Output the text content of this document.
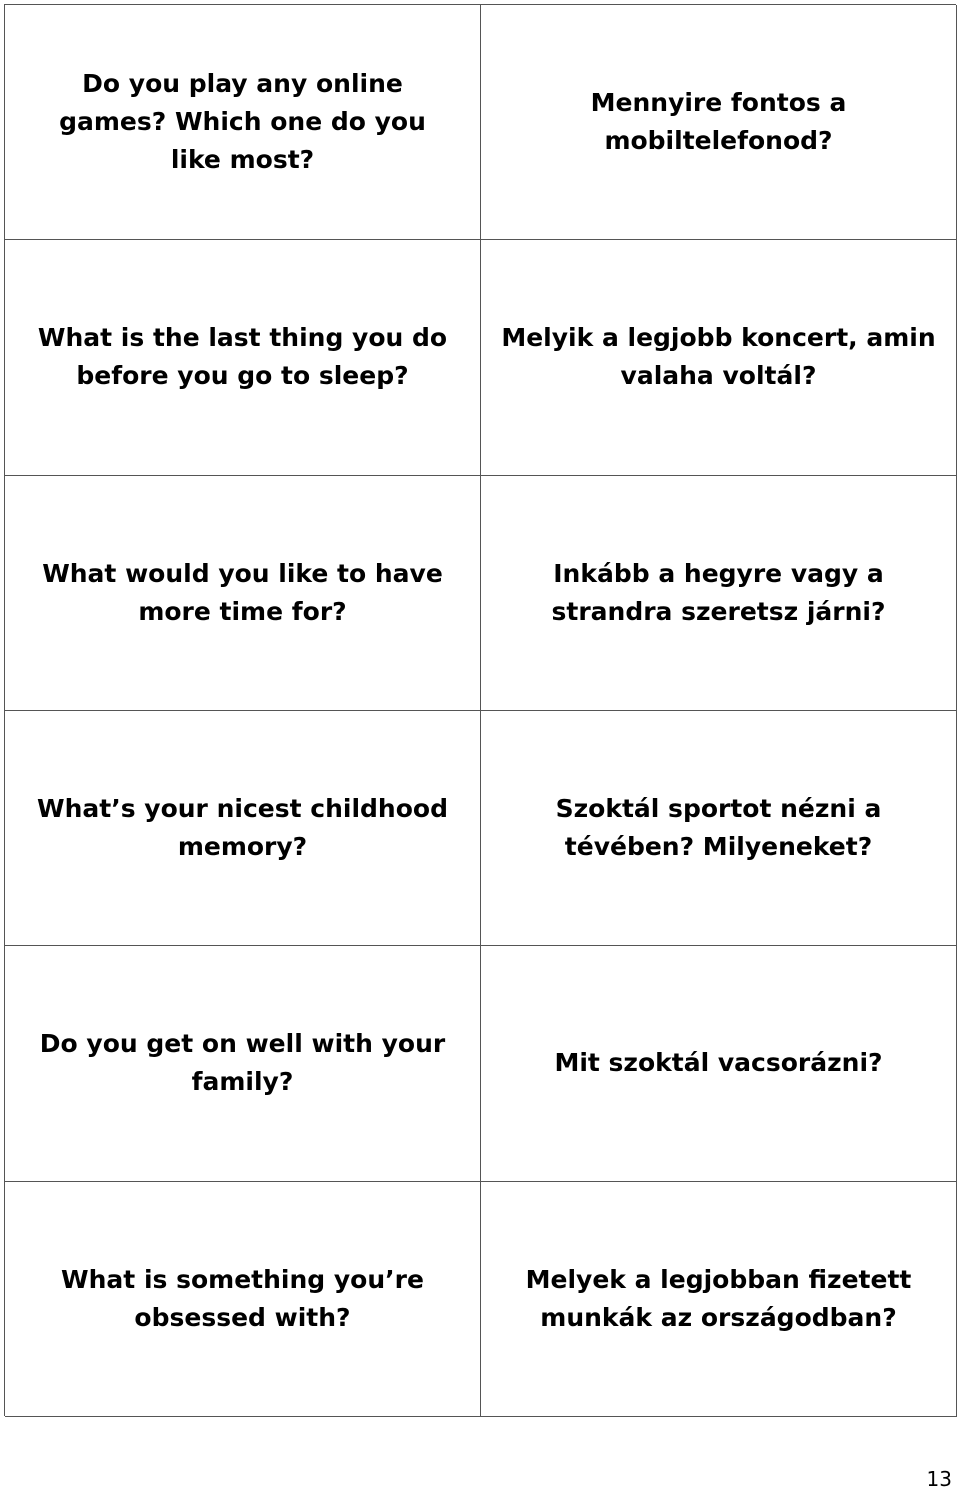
Do you play any online games? Which one do you like most?
Mennyire fontos a mobiltelefonod?
What is the last thing you do before you go to sleep?
Melyik a legjobb koncert, amin valaha voltál?
What would you like to have more time for?
Inkább a hegyre vagy a strandra szeretsz járni?
What’s your nicest childhood memory?
Szoktál sportot nézni a tévében? Milyeneket?
Do you get on well with your family?
Mit szoktál vacsorázni?
What is something you’re obsessed with?
Melyek a legjobban fizetett munkák az országodban?
13
